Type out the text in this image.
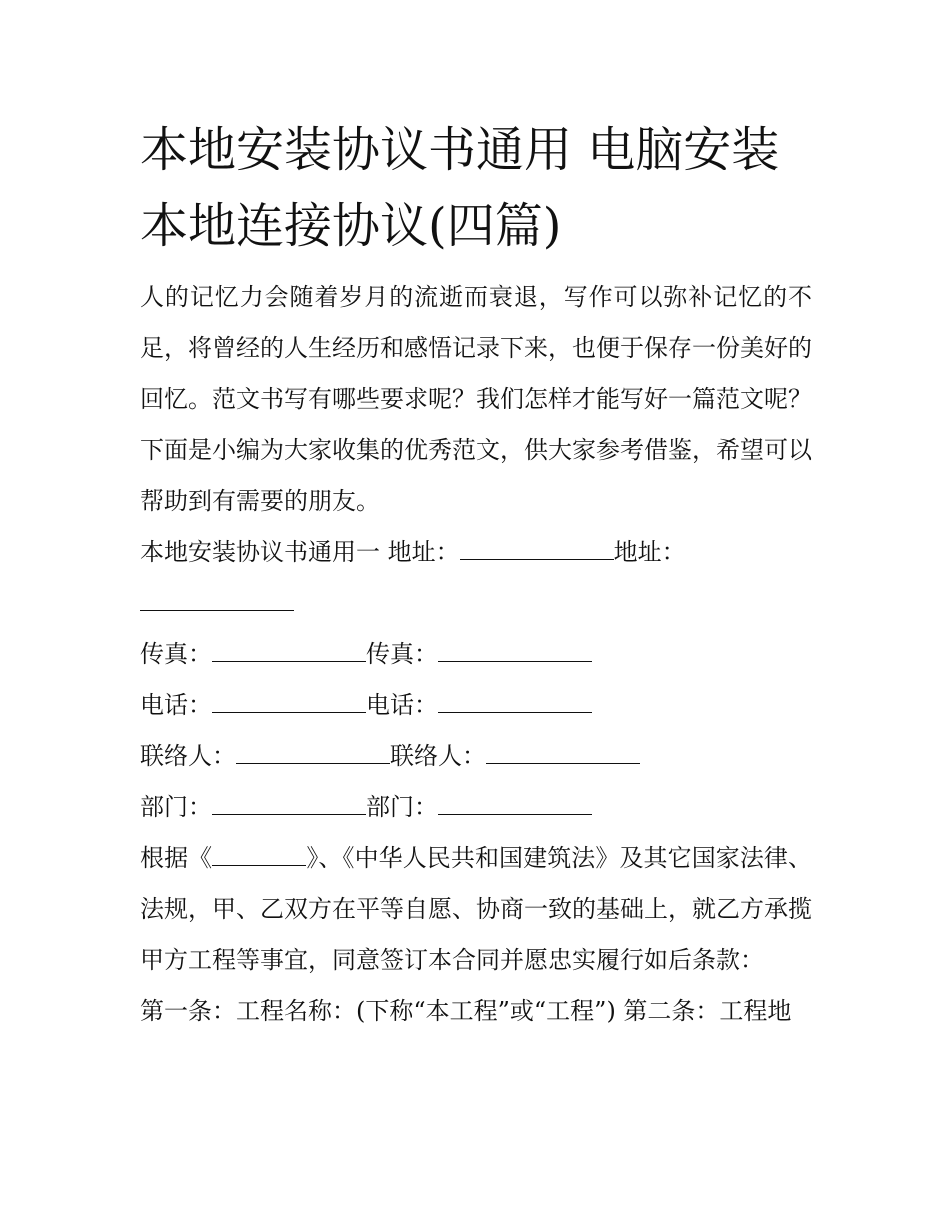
本地安装协议书通用 电脑安装本地连接协议(四篇)

人的记忆力会随着岁月的流逝而衰退，写作可以弥补记忆的不足，将曾经的人生经历和感悟记录下来，也便于保存一份美好的回忆。范文书写有哪些要求呢？我们怎样才能写好一篇范文呢？下面是小编为大家收集的优秀范文，供大家参考借鉴，希望可以帮助到有需要的朋友。

本地安装协议书通用一 地址：	地址：

传真：	传真：

电话：	电话：

联络人：	联络人：

部门：	部门：

根据《	》、《中华人民共和国建筑法》及其它国家法律、法规，甲、乙双方在平等自愿、协商一致的基础上，就乙方承揽甲方工程等事宜，同意签订本合同并愿忠实履行如后条款：

第一条：工程名称：(下称“本工程”或“工程”) 第二条：工程地
